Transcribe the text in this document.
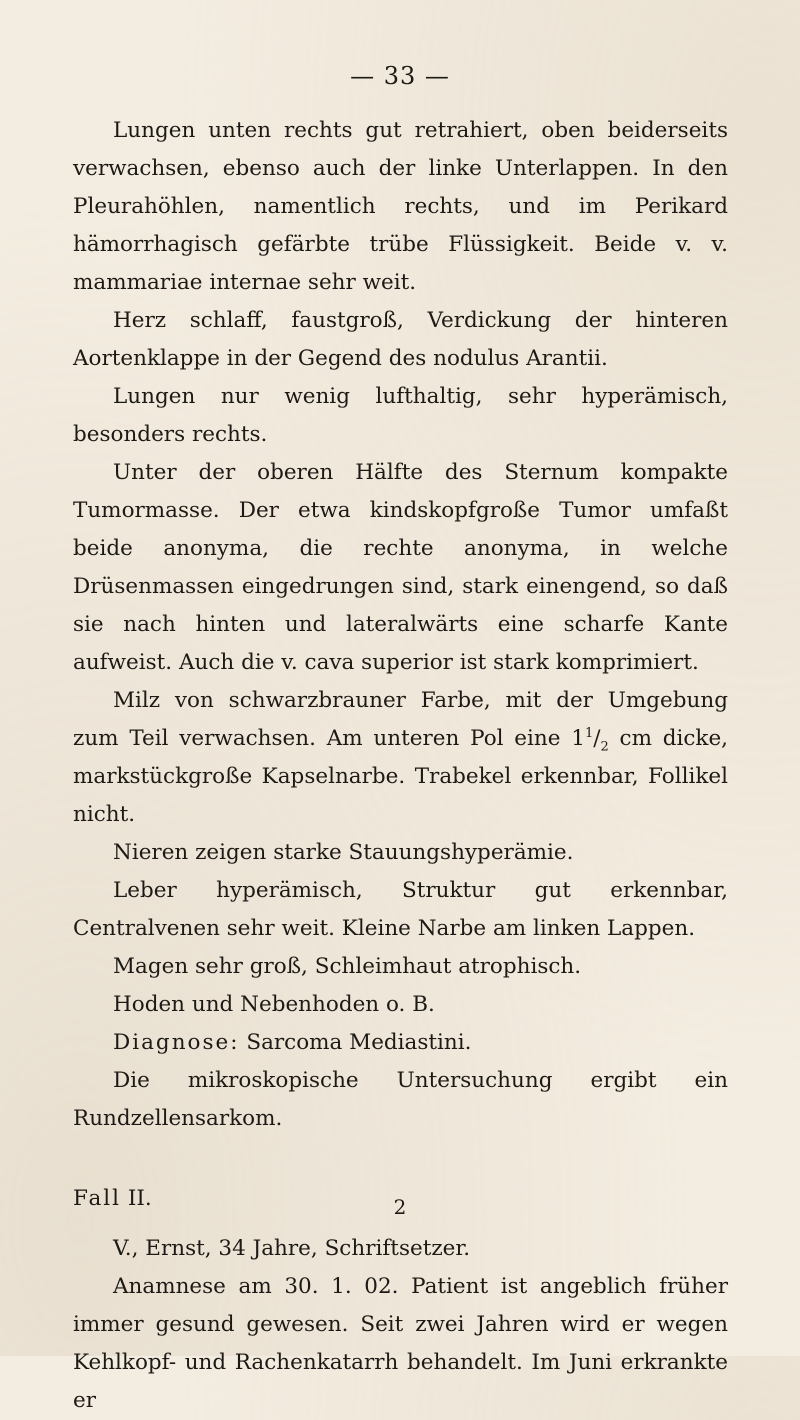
— 33 —

Lungen unten rechts gut retrahiert, oben beiderseits verwachsen, ebenso auch der linke Unterlappen. In den Pleurahöhlen, namentlich rechts, und im Perikard hämorrhagisch gefärbte trübe Flüssigkeit. Beide v. v. mammariae internae sehr weit.

Herz schlaff, faustgroß, Verdickung der hinteren Aortenklappe in der Gegend des nodulus Arantii.

Lungen nur wenig lufthaltig, sehr hyperämisch, besonders rechts.

Unter der oberen Hälfte des Sternum kompakte Tumormasse. Der etwa kindskopfgroße Tumor umfaßt beide anonyma, die rechte anonyma, in welche Drüsenmassen eingedrungen sind, stark einengend, so daß sie nach hinten und lateralwärts eine scharfe Kante aufweist. Auch die v. cava superior ist stark komprimiert.

Milz von schwarzbrauner Farbe, mit der Umgebung zum Teil verwachsen. Am unteren Pol eine $1^1/_2$ cm dicke, markstückgroße Kapselnarbe. Trabekel erkennbar, Follikel nicht.

Nieren zeigen starke Stauungshyperämie.

Leber hyperämisch, Struktur gut erkennbar, Centralvenen sehr weit. Kleine Narbe am linken Lappen.

Magen sehr groß, Schleimhaut atrophisch.

Hoden und Nebenhoden o. B.

Diagnose: Sarcoma Mediastini.

Die mikroskopische Untersuchung ergibt ein Rundzellensarkom.

Fall II.

V., Ernst, 34 Jahre, Schriftsetzer.

Anamnese am 30. 1. 02. Patient ist angeblich früher immer gesund gewesen. Seit zwei Jahren wird er wegen Kehlkopf- und Rachenkatarrh behandelt. Im Juni erkrankte er

2
